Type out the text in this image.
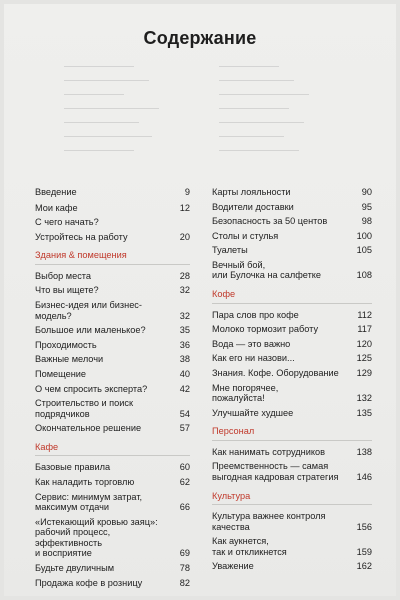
Содержание
Введение	9
Мои кафе	12
С чего начать?
Устройтесь на работу	20
Здания & помещения
Выбор места	28
Что вы ищете?	32
Бизнес-идея или бизнес-модель?	32
Большое или маленькое?	35
Проходимость	36
Важные мелочи	38
Помещение	40
О чем спросить эксперта?	42
Строительство и поиск
подрядчиков	54
Окончательное решение	57
Кафе
Базовые правила	60
Как наладить торговлю	62
Сервис: минимум затрат,
максимум отдачи	66
«Истекающий кровью заяц»:
рабочий процесс, эффективность
и восприятие	69
Будьте двуличным	78
Продажа кофе в розницу	82
Карты лояльности	90
Водители доставки	95
Безопасность за 50 центов	98
Столы и стулья	100
Туалеты	105
Вечный бой,
или Булочка на салфетке	108
Кофе
Пара слов про кофе	112
Молоко тормозит работу	117
Вода — это важно	120
Как его ни назови...	125
Знания. Кофе. Оборудование	129
Мне погорячее,
пожалуйста!	132
Улучшайте худшее	135
Персонал
Как нанимать сотрудников	138
Преемственность — самая
выгодная кадровая стратегия	146
Культура
Культура важнее контроля
качества	156
Как аукнется,
так и откликнется	159
Уважение	162
